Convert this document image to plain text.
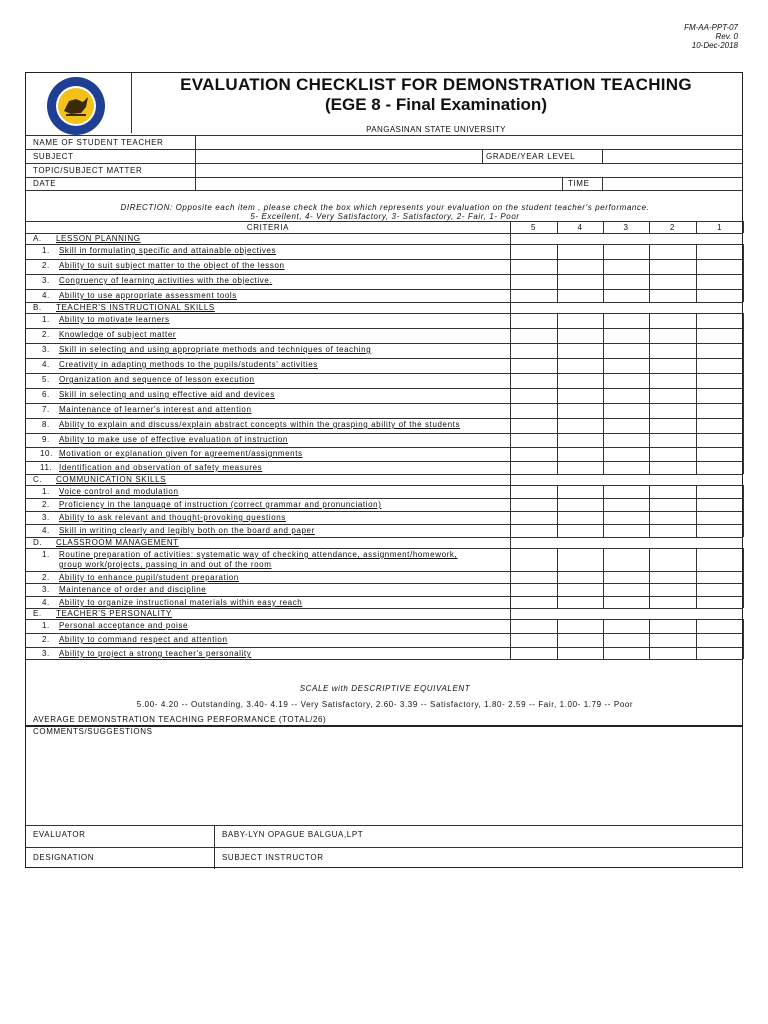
FM-AA-PPT-07
Rev. 0
10-Dec-2018
EVALUATION CHECKLIST FOR DEMONSTRATION TEACHING
(EGE 8 - Final Examination)
PANGASINAN STATE UNIVERSITY
NAME OF STUDENT TEACHER
SUBJECT	GRADE/YEAR LEVEL
TOPIC/SUBJECT MATTER
DATE	TIME
DIRECTION: Opposite each item , please check the box which represents your evaluation on the student teacher's performance.
5- Excellent, 4- Very Satisfactory, 3- Satisfactory, 2- Fair, 1- Poor
CRITERIA	5	4	3	2	1
A. LESSON PLANNING
1. Skill in formulating specific and attainable objectives
2. Ability to suit subject matter to the object of the lesson
3. Congruency of learning activities with the objective.
4. Ability to use appropriate assessment tools
B. TEACHER'S INSTRUCTIONAL SKILLS
1. Ability to motivate learners
2. Knowledge of subject matter
3. Skill in selecting and using appropriate methods and techniques of teaching
4. Creativity in adapting methods to the pupils/students' activities
5. Organization and sequence of lesson execution
6. Skill in selecting and using effective aid and devices
7. Maintenance of learner's interest and attention
8. Ability to explain and discuss/explain abstract concepts within the grasping ability of the students
9. Ability to make use of effective evaluation of instruction
10. Motivation or explanation given for agreement/assignments
11. Identification and observation of safety measures
C. COMMUNICATION SKILLS
1. Voice control and modulation
2. Proficiency in the language of instruction (correct grammar and pronunciation)
3. Ability to ask relevant and thought-provoking questions
4. Skill in writing clearly and legibly both on the board and paper
D. CLASSROOM MANAGEMENT
1. Routine preparation of activities: systematic way of checking attendance, assignment/homework,
group work/projects, passing in and out of the room
2. Ability to enhance pupil/student preparation
3. Maintenance of order and discipline
4. Ability to organize instructional materials within easy reach
E. TEACHER'S PERSONALITY
1. Personal acceptance and poise
2. Ability to command respect and attention
3. Ability to project a strong teacher's personality
SCALE with DESCRIPTIVE EQUIVALENT
5.00- 4.20 -- Outstanding, 3.40- 4.19 -- Very Satisfactory, 2.60- 3.39 -- Satisfactory, 1.80- 2.59 -- Fair, 1.00- 1.79 -- Poor
AVERAGE DEMONSTRATION TEACHING PERFORMANCE (TOTAL/26)
COMMENTS/SUGGESTIONS
EVALUATOR	BABY-LYN OPAGUE BALGUA,LPT
DESIGNATION	SUBJECT INSTRUCTOR
